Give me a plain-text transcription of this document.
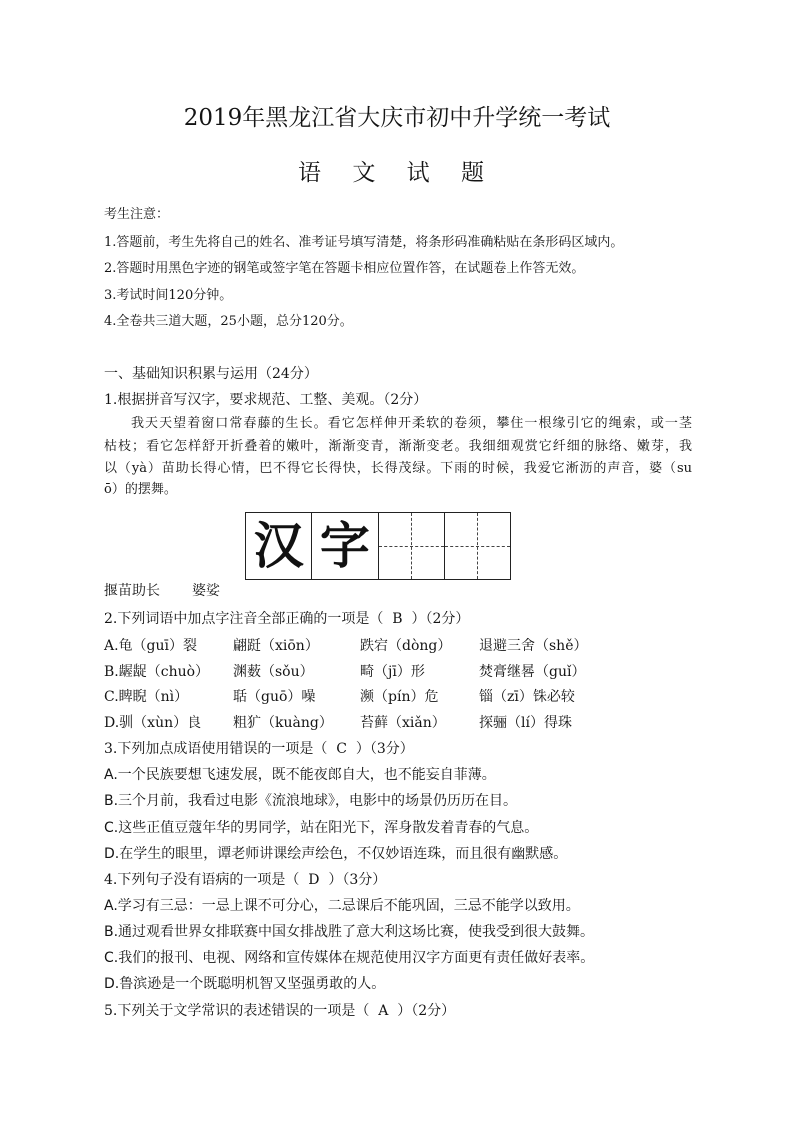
2019年黑龙江省大庆市初中升学统一考试
语 文 试 题
考生注意：
1.答题前，考生先将自己的姓名、准考证号填写清楚，将条形码准确粘贴在条形码区域内。
2.答题时用黑色字迹的钢笔或签字笔在答题卡相应位置作答，在试题卷上作答无效。
3.考试时间120分钟。
4.全卷共三道大题，25小题，总分120分。
一、基础知识积累与运用（24分）
1.根据拼音写汉字，要求规范、工整、美观。（2分）
我天天望着窗口常春藤的生长。看它怎样伸开柔软的卷须，攀住一根缘引它的绳索，或一茎
枯枝；看它怎样舒开折叠着的嫩叶，渐渐变青，渐渐变老。我细细观赏它纤细的脉络、嫩芽，我
以（yà）苗助长得心情，巴不得它长得快，长得茂绿。下雨的时候，我爱它淅沥的声音，婆（su
ō）的摆舞。
汉 字
揠苗助长 婆娑
2.下列词语中加点字注音全部正确的一项是（  B  ）（2分）
A.龟（guī）裂	翩跹（xiōn）	跌宕（dòng）	退避三舍（shě）
B.龌龊（chuò）	渊薮（sǒu）	畸（jī）形	焚膏继晷（guǐ）
C.睥睨（nì）	聒（guō）噪	濒（pín）危	锱（zī）铢必较
D.驯（xùn）良	粗犷（kuàng）	苔藓（xiǎn）	探骊（lí）得珠
3.下列加点成语使用错误的一项是（  C  ）（3分）
A.一个民族要想飞速发展，既不能夜郎自大，也不能妄自菲薄。
B.三个月前，我看过电影《流浪地球》，电影中的场景仍历历在目。
C.这些正值豆蔻年华的男同学，站在阳光下，浑身散发着青春的气息。
D.在学生的眼里，谭老师讲课绘声绘色，不仅妙语连珠，而且很有幽默感。
4.下列句子没有语病的一项是（  D  ）（3分）
A.学习有三忌：一忌上课不可分心，二忌课后不能巩固，三忌不能学以致用。
B.通过观看世界女排联赛中国女排战胜了意大利这场比赛，使我受到很大鼓舞。
C.我们的报刊、电视、网络和宣传媒体在规范使用汉字方面更有责任做好表率。
D.鲁滨逊是一个既聪明机智又坚强勇敢的人。
5.下列关于文学常识的表述错误的一项是（  A  ）（2分）
